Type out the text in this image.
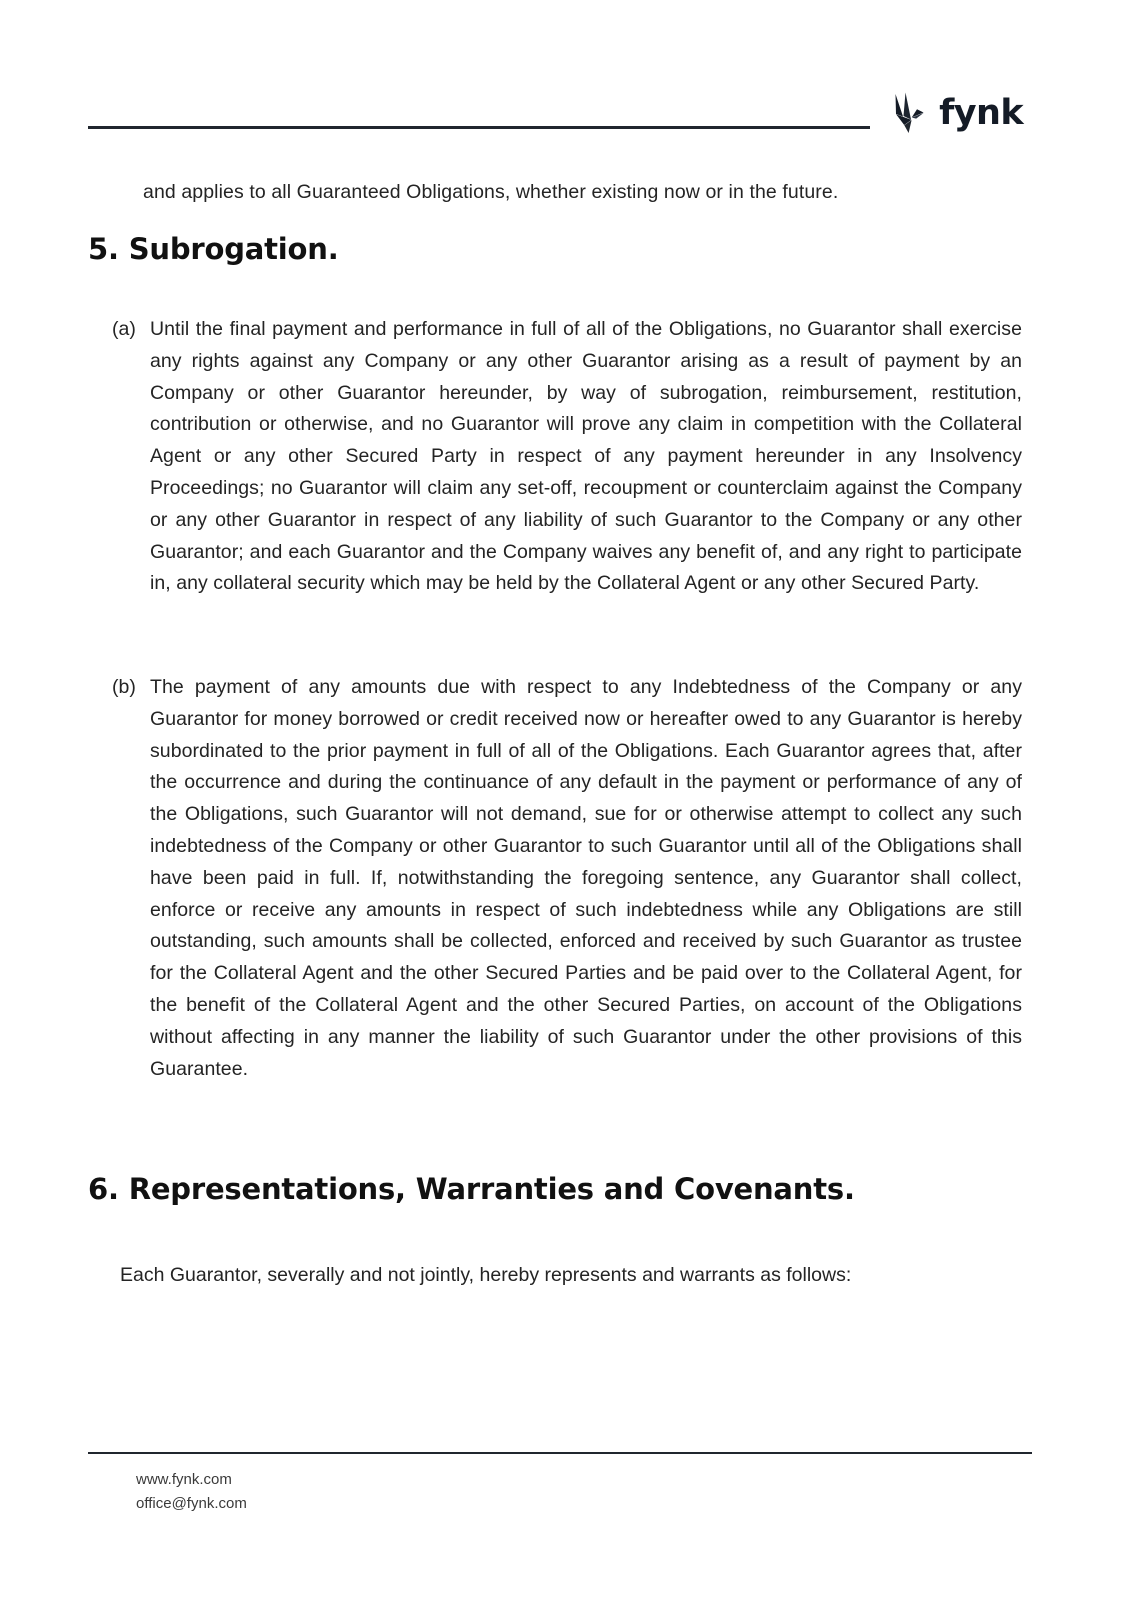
fynk

and applies to all Guaranteed Obligations, whether existing now or in the future.

5. Subrogation.
(a) Until the final payment and performance in full of all of the Obligations, no Guarantor shall exercise any rights against any Company or any other Guarantor arising as a result of payment by an Company or other Guarantor hereunder, by way of subrogation, reimbursement, restitution, contribution or otherwise, and no Guarantor will prove any claim in competition with the Collateral Agent or any other Secured Party in respect of any payment hereunder in any Insolvency Proceedings; no Guarantor will claim any set-off, recoupment or counterclaim against the Company or any other Guarantor in respect of any liability of such Guarantor to the Company or any other Guarantor; and each Guarantor and the Company waives any benefit of, and any right to participate in, any collateral security which may be held by the Collateral Agent or any other Secured Party.
(b) The payment of any amounts due with respect to any Indebtedness of the Company or any Guarantor for money borrowed or credit received now or hereafter owed to any Guarantor is hereby subordinated to the prior payment in full of all of the Obligations. Each Guarantor agrees that, after the occurrence and during the continuance of any default in the payment or performance of any of the Obligations, such Guarantor will not demand, sue for or otherwise attempt to collect any such indebtedness of the Company or other Guarantor to such Guarantor until all of the Obligations shall have been paid in full. If, notwithstanding the foregoing sentence, any Guarantor shall collect, enforce or receive any amounts in respect of such indebtedness while any Obligations are still outstanding, such amounts shall be collected, enforced and received by such Guarantor as trustee for the Collateral Agent and the other Secured Parties and be paid over to the Collateral Agent, for the benefit of the Collateral Agent and the other Secured Parties, on account of the Obligations without affecting in any manner the liability of such Guarantor under the other provisions of this Guarantee.
6. Representations, Warranties and Covenants.

Each Guarantor, severally and not jointly, hereby represents and warrants as follows:

www.fynk.com
office@fynk.com
